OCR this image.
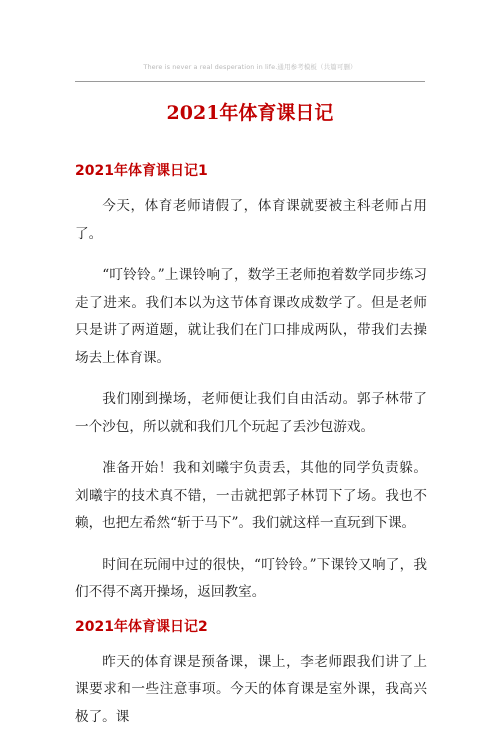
There is never a real desperation in life.通用参考模板（共篇可删）
2021年体育课日记
2021年体育课日记1

今天，体育老师请假了，体育课就要被主科老师占用了。

“叮铃铃。”上课铃响了，数学王老师抱着数学同步练习走了进来。我们本以为这节体育课改成数学了。但是老师只是讲了两道题，就让我们在门口排成两队，带我们去操场去上体育课。

我们刚到操场，老师便让我们自由活动。郭子林带了一个沙包，所以就和我们几个玩起了丢沙包游戏。

准备开始！我和刘曦宇负责丢，其他的同学负责躲。刘曦宇的技术真不错，一击就把郭子林罚下了场。我也不赖，也把左希然“斩于马下”。我们就这样一直玩到下课。

时间在玩闹中过的很快，“叮铃铃。”下课铃又响了，我们不得不离开操场，返回教室。

2021年体育课日记2

昨天的体育课是预备课，课上，李老师跟我们讲了上课要求和一些注意事项。今天的体育课是室外课，我高兴极了。课
